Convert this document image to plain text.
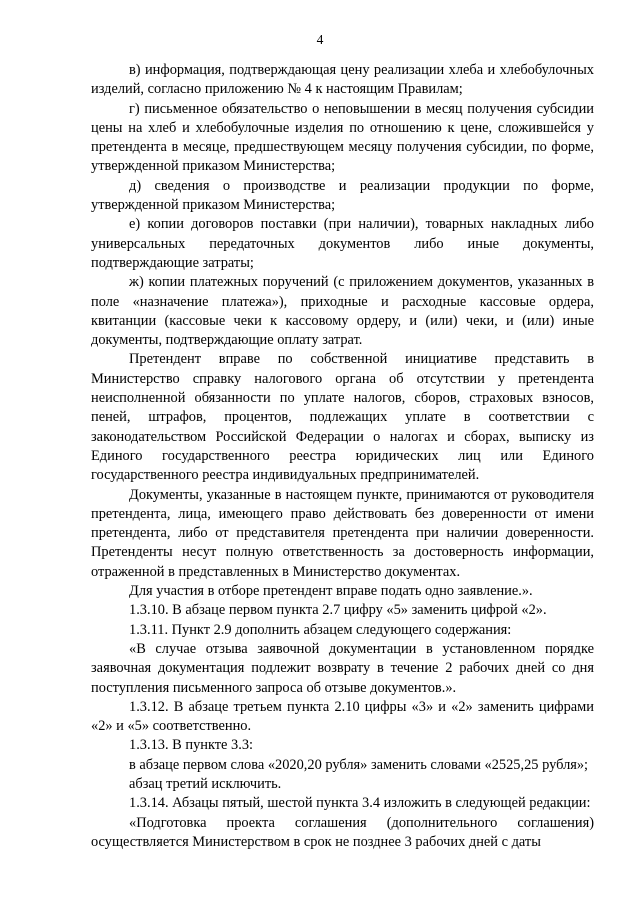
4

в) информация, подтверждающая цену реализации хлеба и хлебобулочных изделий, согласно приложению № 4 к настоящим Правилам;

г) письменное обязательство о неповышении в месяц получения субсидии цены на хлеб и хлебобулочные изделия по отношению к цене, сложившейся у претендента в месяце, предшествующем месяцу получения субсидии, по форме, утвержденной приказом Министерства;

д) сведения о производстве и реализации продукции по форме, утвержденной приказом Министерства;

е) копии договоров поставки (при наличии), товарных накладных либо универсальных передаточных документов либо иные документы, подтверждающие затраты;

ж) копии платежных поручений (с приложением документов, указанных в поле «назначение платежа»), приходные и расходные кассовые ордера, квитанции (кассовые чеки к кассовому ордеру, и (или) чеки, и (или) иные документы, подтверждающие оплату затрат.

Претендент вправе по собственной инициативе представить в Министерство справку налогового органа об отсутствии у претендента неисполненной обязанности по уплате налогов, сборов, страховых взносов, пеней, штрафов, процентов, подлежащих уплате в соответствии с законодательством Российской Федерации о налогах и сборах, выписку из Единого государственного реестра юридических лиц или Единого государственного реестра индивидуальных предпринимателей.

Документы, указанные в настоящем пункте, принимаются от руководителя претендента, лица, имеющего право действовать без доверенности от имени претендента, либо от представителя претендента при наличии доверенности. Претенденты несут полную ответственность за достоверность информации, отраженной в представленных в Министерство документах.

Для участия в отборе претендент вправе подать одно заявление.».

1.3.10. В абзаце первом пункта 2.7 цифру «5» заменить цифрой «2».

1.3.11. Пункт 2.9 дополнить абзацем следующего содержания:

«В случае отзыва заявочной документации в установленном порядке заявочная документация подлежит возврату в течение 2 рабочих дней со дня поступления письменного запроса об отзыве документов.».

1.3.12. В абзаце третьем пункта 2.10 цифры «3» и «2» заменить цифрами «2» и «5» соответственно.

1.3.13. В пункте 3.3:

в абзаце первом слова «2020,20 рубля» заменить словами «2525,25 рубля»;

абзац третий исключить.

1.3.14. Абзацы пятый, шестой пункта 3.4 изложить в следующей редакции:

«Подготовка проекта соглашения (дополнительного соглашения) осуществляется Министерством в срок не позднее 3 рабочих дней с даты
